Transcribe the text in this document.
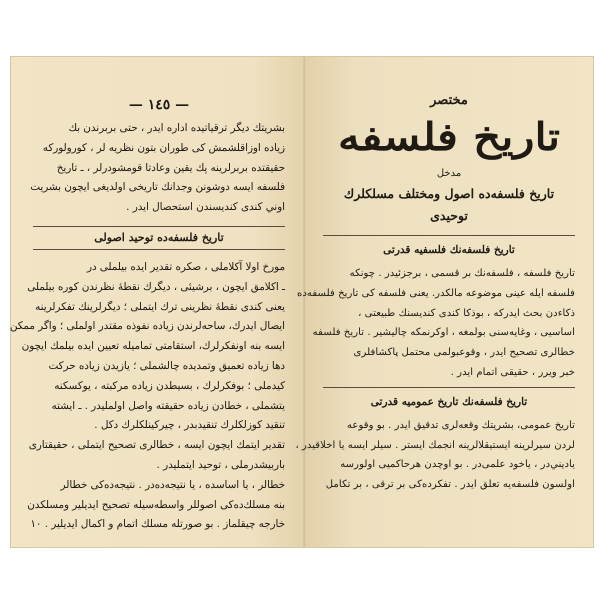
— ١٤٥ —
بشريتك ديگر ترقياتيده اداره ايدر ، حتى بربرندن بك
زياده اوزاقلشمش كى طوران بتون نظريه لر ، كورولوركه
حقيقتده بربرلرينه پك يقين وعادتا قومشودرلر ، ـ تاريخ
فلسفه ايسه دوشونن وجدانك تاريخى اولديغى ايچون بشريت
اوني كندى كنديسندن استحصال ايدر .
تاريخ فلسفه‌ده توحيد اصولى
مورخ اولا آكلاملى ، صكره تقدير ايده بيلملى در
ـ اكلامق ايچون ، برشيئى ، ديگرك نقطۀ نظرندن كوره بيلملى
يعنى كندى نقطۀ نظرينى ترك ايتملى ؛ ديگرلرينك تفكرلرينه
ايصال ايدرك، ساحه‌لرندن زياده نفوذه مقتدر اولملى ؛ واگر ممكن
ايسه بنه اونفكرلرك، استقامتى تماميله تعيين ايده بيلمك ايچون
دها زياده تعميق وتمديده چالشملى ؛ يازيدن زياده حركت
كيدملى ؛ بوفكرلرك ، بسيطدن زياده مركبته ، يوكسكنه
يتشملى ، خطادن زياده حقيقته واصل اولمليدر . ـ ايشته
تنقيد كوزلكلرك تنقيدبدر ، چيركينلكلرك دكل .
تقدير ايتمك ايچون ايسه ، خطالرى تصحيح ايتملى ، حقيقتارى
باربيشدرملى ، توحيد ايتمليدر .
خطالر ، يا اساسده ، يا نتيجه‌ده‌در . نتيجه‌ده‌كى خطالر
بنه مسلك‌ده‌كى اصوللر واسطه‌سيله تصحيح ايديلير ومسلكدن
خارجه چيقلماز . بو صورتله مسلك اتمام و اكمال ايديلير . ١٠
مختصر
تاريخ فلسفه
مدخل
تاريخ فلسفه‌ده اصول ومختلف مسلكلرك توحيدى
تاريخ فلسفه‌نك فلسفيه قدرتى
تاريخ فلسفه ، فلسفه‌نك بر قسمى ، برجزئيدر . چونكه
فلسفه ايله عينى موضوعه مالكدر. يعنى فلسفه كى تاريخ فلسفه‌ده
ذكاءدن بحث ايدركه ، بوذكا كندى كنديسنك طبيعتى ،
اساسيى ، وغايه‌سنى بولمغه ، اوكرنمكه چاليشير . تاريخ فلسفه
خطالرى تصحيح ايدر ، وقوعبولمى محتمل پاكشافلرى
خبر ويرر ، حقيقى اتمام ايدر .
تاريخ فلسفه‌نك تاريخ عموميه قدرتى
تاريخ عمومى، بشريتك وقعه‌لرى تدقيق ايدر . بو وقوعه
لردن سيرلرينه ايستيقلالرينه انجمك ايستر . سيلر ايسه يا اخلاقيدر ،
ياديني‌در ، ياخود علمى‌در . بو اوچدن هرحاكميى اولورسه
اولسون فلسفه‌يه تعلق ايدر . تفكرده‌كى بر ترقى ، بر تكامل
